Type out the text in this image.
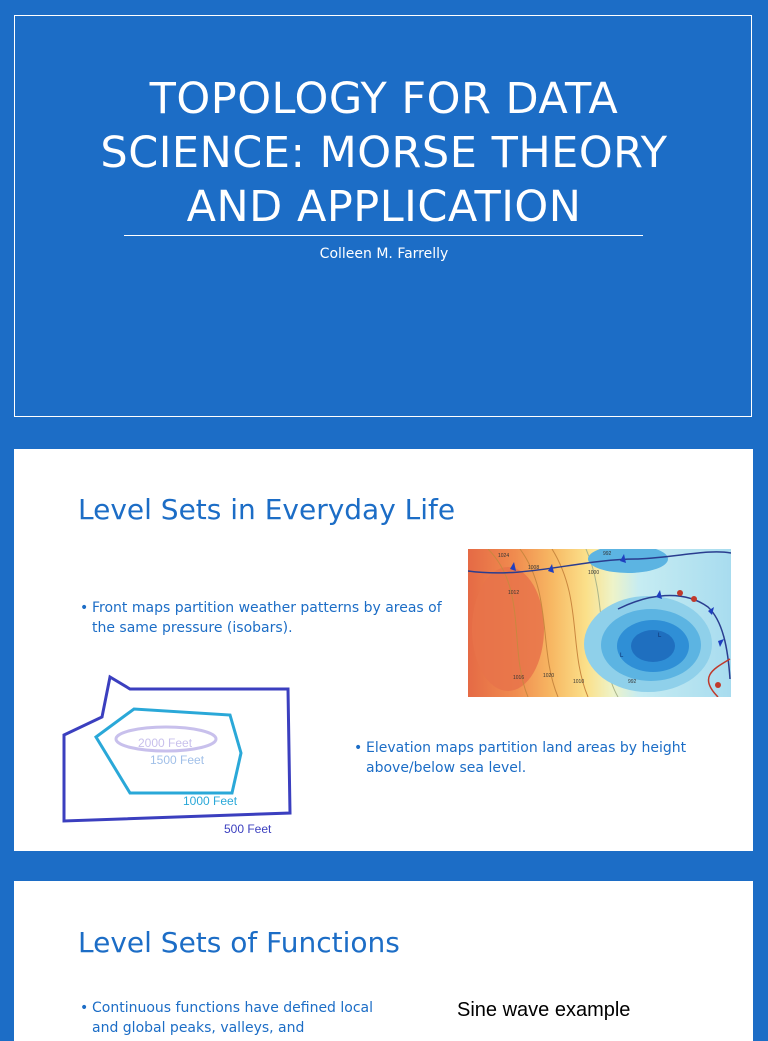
TOPOLOGY FOR DATA
SCIENCE: MORSE THEORY
AND APPLICATION
Colleen M. Farrelly
Level Sets in Everyday Life
• Front maps partition weather patterns by areas of the same pressure (isobars).
1024
1012
1000
1008
992
L
L
1016	1020
1010	992
2000 Feet
1500 Feet
1000 Feet
500 Feet
• Elevation maps partition land areas by height above/below sea level.
Level Sets of Functions
• Continuous functions have defined local and global peaks, valleys, and
Sine wave example
